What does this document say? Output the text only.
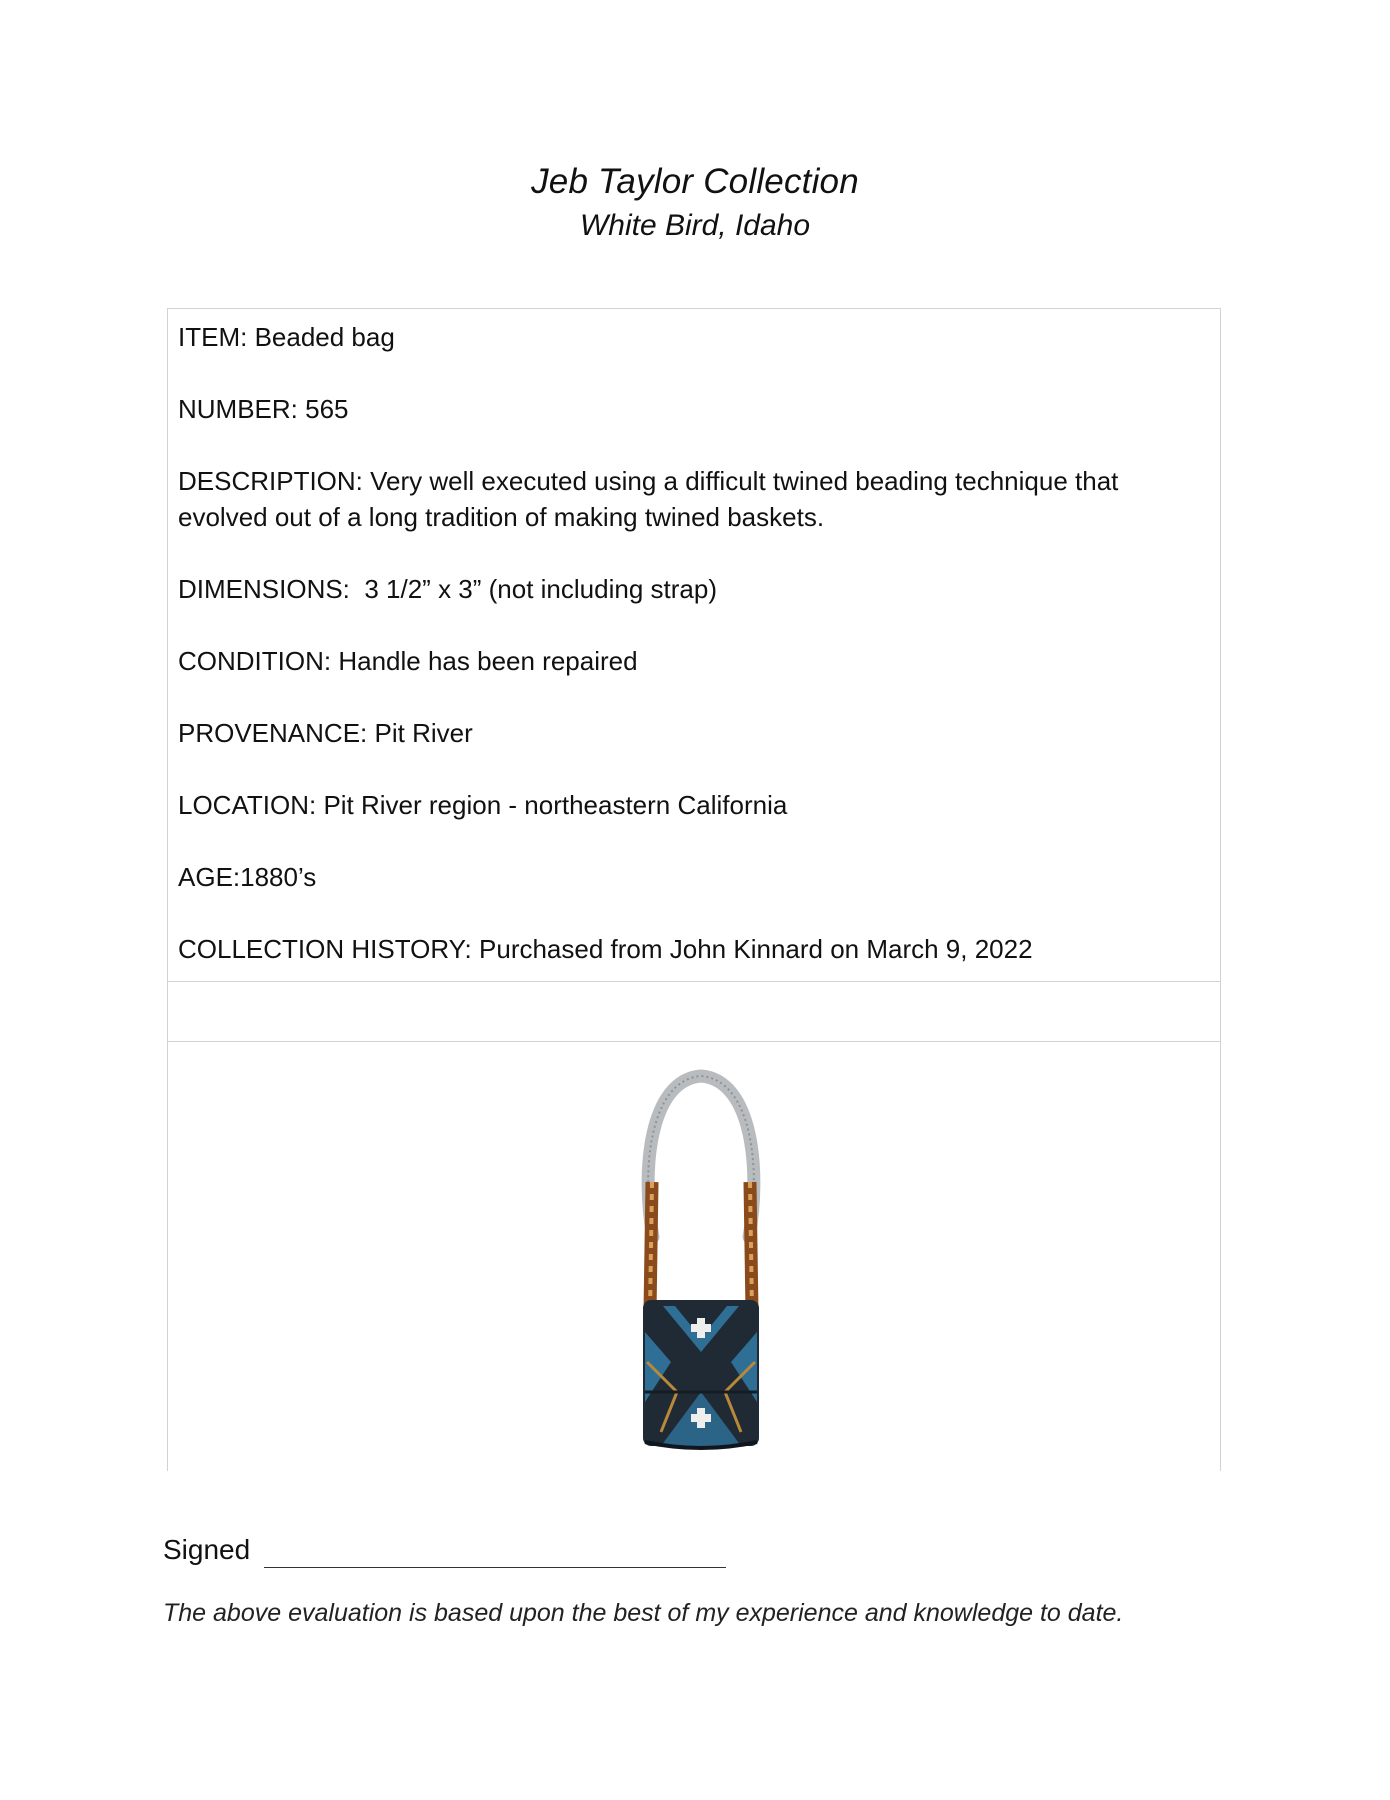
Jeb Taylor Collection
White Bird, Idaho
ITEM: Beaded bag
NUMBER: 565
DESCRIPTION: Very well executed using a difficult twined beading technique that evolved out of a long tradition of making twined baskets.
DIMENSIONS:  3 1/2” x 3” (not including strap)
CONDITION: Handle has been repaired
PROVENANCE: Pit River
LOCATION: Pit River region - northeastern California
AGE:1880’s
COLLECTION HISTORY: Purchased from John Kinnard on March 9, 2022
Signed
The above evaluation is based upon the best of my experience and knowledge to date.
